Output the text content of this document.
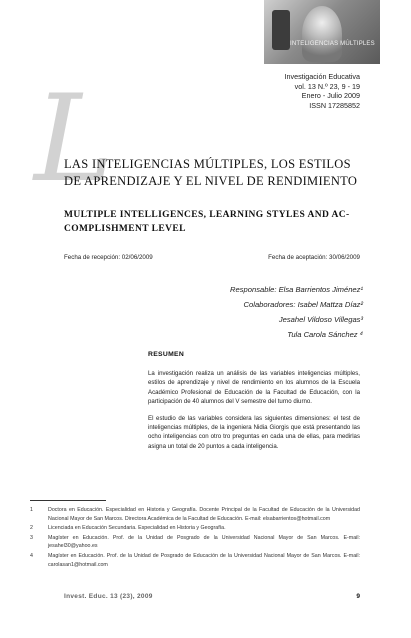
INTELIGENCIAS MÚLTIPLES
Investigación Educativa
vol. 13 N.º 23, 9 - 19
Enero - Julio 2009
ISSN 17285852
L
LAS INTELIGENCIAS MÚLTIPLES, LOS ESTILOS DE APRENDIZAJE Y EL NIVEL DE RENDIMIENTO
MULTIPLE INTELLIGENCES, LEARNING STYLES AND AC-
COMPLISHMENT LEVEL
Fecha de recepción: 02/06/2009	Fecha de aceptación: 30/06/2009
Responsable: Elsa Barrientos Jiménez¹
Colaboradores: Isabel Mattza Díaz²
Jesahel Vildoso Villegas³
Tula Carola Sánchez ⁴
RESUMEN

La investigación realiza un análisis de las variables inteligencias múltiples, estilos de aprendizaje y nivel de rendimiento en los alumnos de la Escuela Académico Profesional de Educación de la Facultad de Educación, con la participación de 40 alumnos del V semestre del turno diurno.

El estudio de las variables considera las siguientes dimensiones: el test de inteligencias múltiples, de la ingeniera Nidia Giorgis que está presentando las ocho inteligencias con otro tro preguntas en cada una de ellas, para medirlas asigna un total de 20 puntos a cada inteligencia.

1	Doctora en Educación. Especialidad en Historia y Geografía. Docente Principal de la Facultad de Educación de la Universidad Nacional Mayor de San Marcos. Directora Académica de la Facultad de Educación. E-mail: elsabarrientos@hotmail.com
2	Licenciada en Educación Secundaria. Especialidad en Historia y Geografía.
3	Magíster en Educación. Prof. de la Unidad de Posgrado de la Universidad Nacional Mayor de San Marcos. E-mail: jesahel30@yahoo.es
4	Magíster en Educación. Prof. de la Unidad de Posgrado de Educación de la Universidad Nacional Mayor de San Marcos. E-mail: carolasan1@hotmail.com
Invest. Educ. 13 (23), 2009	9
